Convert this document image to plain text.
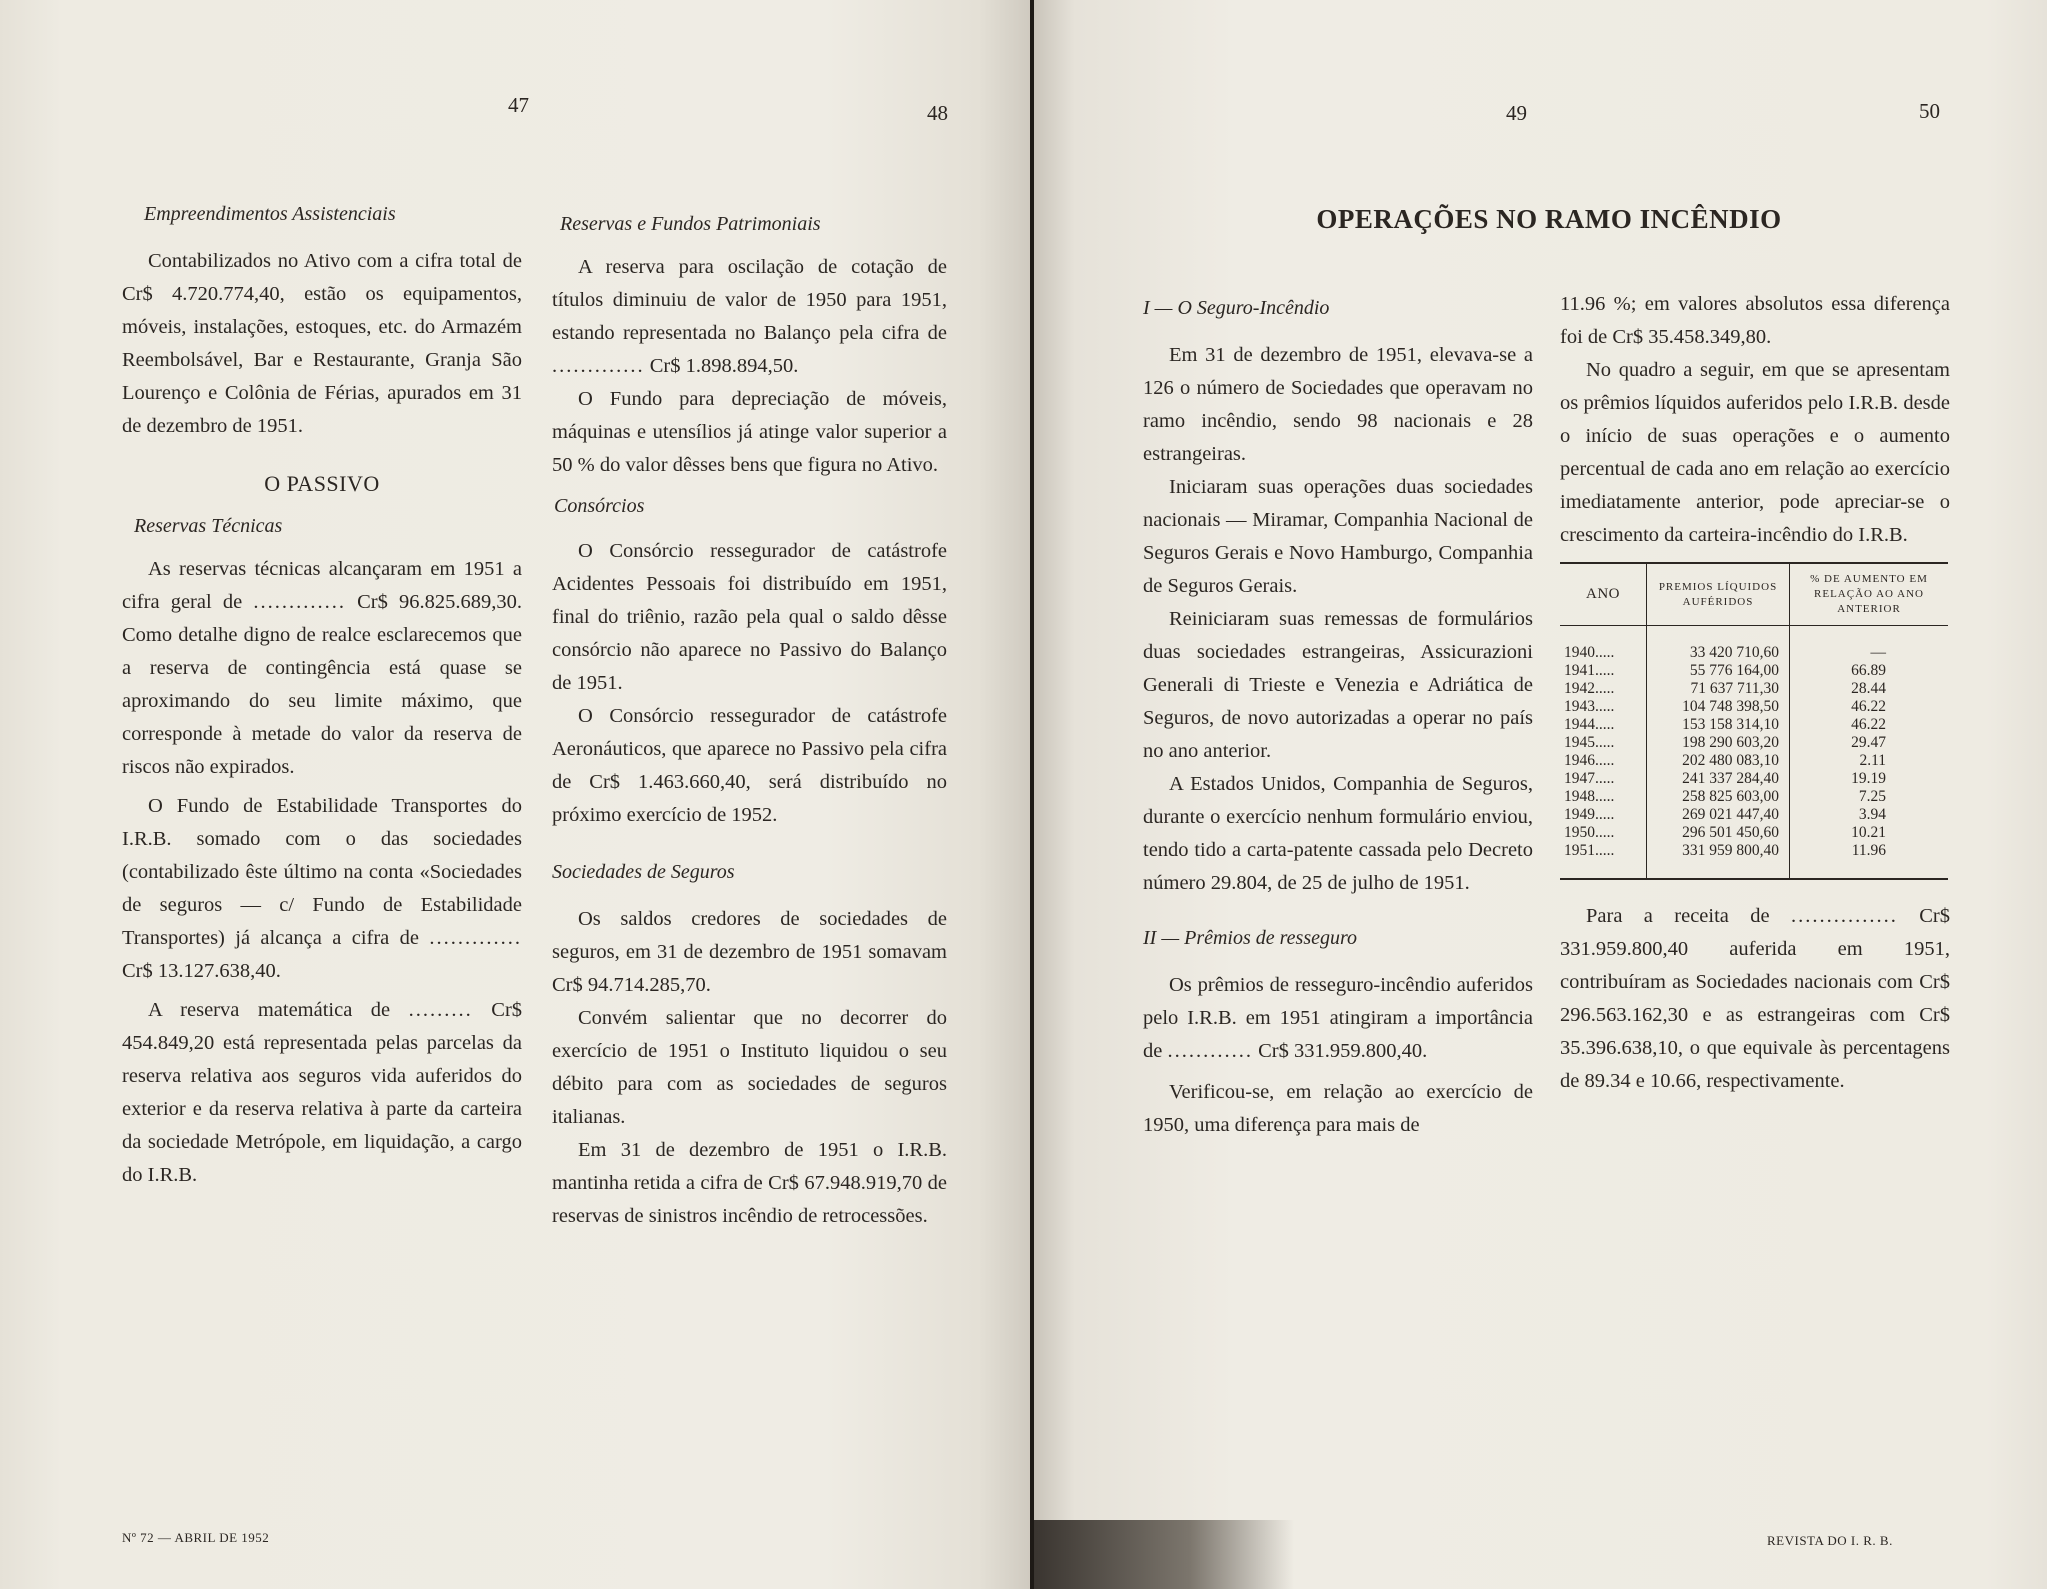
47	48

Empreendimentos Assistenciais

Contabilizados no Ativo com a cifra total de Cr$ 4.720.774,40, estão os equipamentos, móveis, instalações, estoques, etc. do Armazém Reembolsável, Bar e Restaurante, Granja São Lourenço e Colônia de Férias, apurados em 31 de dezembro de 1951.

O PASSIVO

Reservas Técnicas

As reservas técnicas alcançaram em 1951 a cifra geral de ............. Cr$ 96.825.689,30. Como detalhe digno de realce esclarecemos que a reserva de contingência está quase se aproximando do seu limite máximo, que corresponde à metade do valor da reserva de riscos não expirados.

O Fundo de Estabilidade Transportes do I.R.B. somado com o das sociedades (contabilizado êste último na conta «Sociedades de seguros — c/ Fundo de Estabilidade Transportes) já alcança a cifra de ............. Cr$ 13.127.638,40.

A reserva matemática de ......... Cr$ 454.849,20 está representada pelas parcelas da reserva relativa aos seguros vida auferidos do exterior e da reserva relativa à parte da carteira da sociedade Metrópole, em liquidação, a cargo do I.R.B.

Reservas e Fundos Patrimoniais

A reserva para oscilação de cotação de títulos diminuiu de valor de 1950 para 1951, estando representada no Balanço pela cifra de ............. Cr$ 1.898.894,50.

O Fundo para depreciação de móveis, máquinas e utensílios já atinge valor superior a 50 % do valor dêsses bens que figura no Ativo.

Consórcios

O Consórcio ressegurador de catástrofe Acidentes Pessoais foi distribuído em 1951, final do triênio, razão pela qual o saldo dêsse consórcio não aparece no Passivo do Balanço de 1951.

O Consórcio ressegurador de catástrofe Aeronáuticos, que aparece no Passivo pela cifra de Cr$ 1.463.660,40, será distribuído no próximo exercício de 1952.

Sociedades de Seguros

Os saldos credores de sociedades de seguros, em 31 de dezembro de 1951 somavam Cr$ 94.714.285,70.

Convém salientar que no decorrer do exercício de 1951 o Instituto liquidou o seu débito para com as sociedades de seguros italianas.

Em 31 de dezembro de 1951 o I.R.B. mantinha retida a cifra de Cr$ 67.948.919,70 de reservas de sinistros incêndio de retrocessões.

Nº 72 — ABRIL DE 1952
49	50
OPERAÇÕES NO RAMO INCÊNDIO

I — O Seguro-Incêndio

Em 31 de dezembro de 1951, elevava-se a 126 o número de Sociedades que operavam no ramo incêndio, sendo 98 nacionais e 28 estrangeiras.

Iniciaram suas operações duas sociedades nacionais — Miramar, Companhia Nacional de Seguros Gerais e Novo Hamburgo, Companhia de Seguros Gerais.

Reiniciaram suas remessas de formulários duas sociedades estrangeiras, Assicurazioni Generali di Trieste e Venezia e Adriática de Seguros, de novo autorizadas a operar no país no ano anterior.

A Estados Unidos, Companhia de Seguros, durante o exercício nenhum formulário enviou, tendo tido a carta-patente cassada pelo Decreto número 29.804, de 25 de julho de 1951.

II — Prêmios de resseguro

Os prêmios de resseguro-incêndio auferidos pelo I.R.B. em 1951 atingiram a importância de ............ Cr$ 331.959.800,40.

Verificou-se, em relação ao exercício de 1950, uma diferença para mais de

11.96 %; em valores absolutos essa diferença foi de Cr$ 35.458.349,80.

No quadro a seguir, em que se apresentam os prêmios líquidos auferidos pelo I.R.B. desde o início de suas operações e o aumento percentual de cada ano em relação ao exercício imediatamente anterior, pode apreciar-se o crescimento da carteira-incêndio do I.R.B.

ANO	PREMIOS LÍQUIDOS AUFÉRIDOS	% DE AUMENTO EM RELAÇÃO AO ANO ANTERIOR
1940.....	33 420 710,60	—
1941.....	55 776 164,00	66.89
1942.....	71 637 711,30	28.44
1943.....	104 748 398,50	46.22
1944.....	153 158 314,10	46.22
1945.....	198 290 603,20	29.47
1946.....	202 480 083,10	2.11
1947.....	241 337 284,40	19.19
1948.....	258 825 603,00	7.25
1949.....	269 021 447,40	3.94
1950.....	296 501 450,60	10.21
1951.....	331 959 800,40	11.96

Para a receita de ............... Cr$ 331.959.800,40 auferida em 1951, contribuíram as Sociedades nacionais com Cr$ 296.563.162,30 e as estrangeiras com Cr$ 35.396.638,10, o que equivale às percentagens de 89.34 e 10.66, respectivamente.

REVISTA DO I. R. B.
